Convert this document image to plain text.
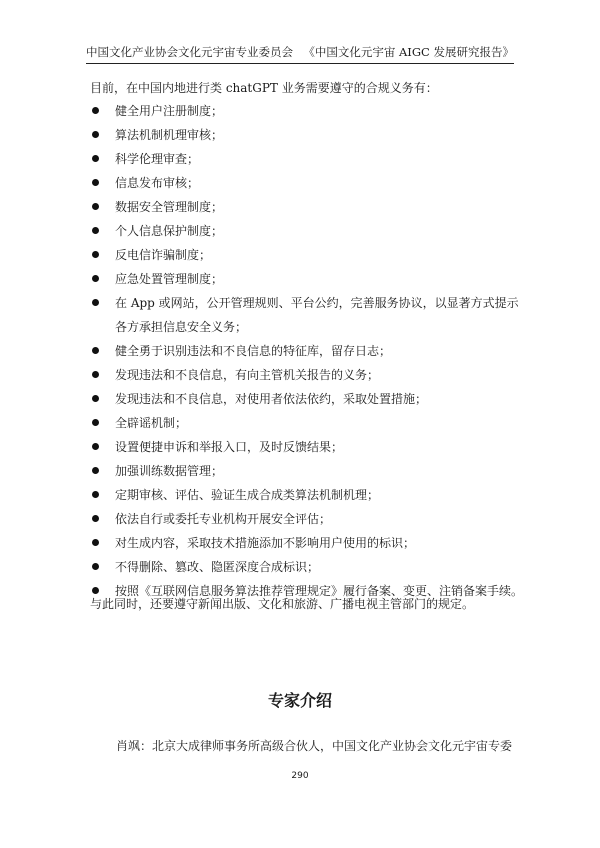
中国文化产业协会文化元宇宙专业委员会 《中国文化元宇宙 AIGC 发展研究报告》
目前，在中国内地进行类 chatGPT 业务需要遵守的合规义务有：
健全用户注册制度；
算法机制机理审核；
科学伦理审查；
信息发布审核；
数据安全管理制度；
个人信息保护制度；
反电信诈骗制度；
应急处置管理制度；
在 App 或网站，公开管理规则、平台公约，完善服务协议，以显著方式提示
各方承担信息安全义务；
健全勇于识别违法和不良信息的特征库，留存日志；
发现违法和不良信息，有向主管机关报告的义务；
发现违法和不良信息，对使用者依法依约，采取处置措施；
全辟谣机制；
设置便捷申诉和举报入口，及时反馈结果；
加强训练数据管理；
定期审核、评估、验证生成合成类算法机制机理；
依法自行或委托专业机构开展安全评估；
对生成内容，采取技术措施添加不影响用户使用的标识；
不得删除、篡改、隐匿深度合成标识；
按照《互联网信息服务算法推荐管理规定》履行备案、变更、注销备案手续。
与此同时，还要遵守新闻出版、文化和旅游、广播电视主管部门的规定。
专家介绍
肖飒：北京大成律师事务所高级合伙人，中国文化产业协会文化元宇宙专委
290
